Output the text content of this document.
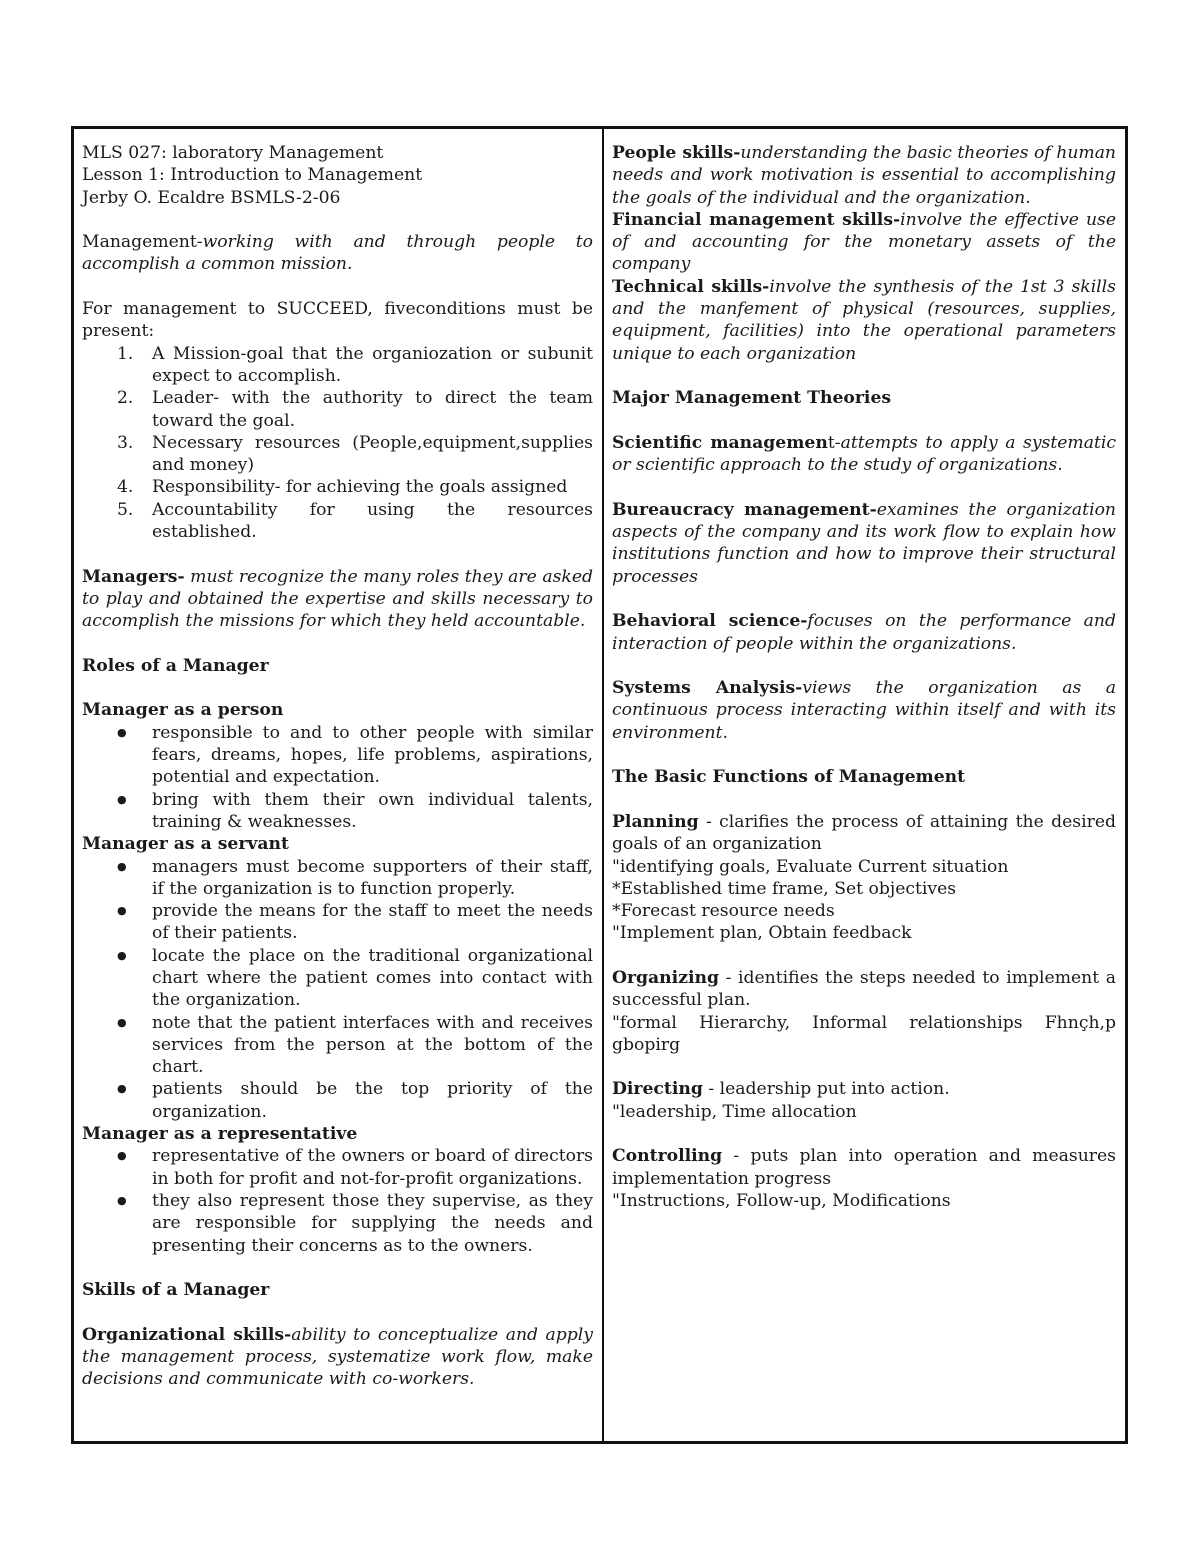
MLS 027: laboratory Management

Lesson 1: Introduction to Management

Jerby O. Ecaldre BSMLS-2-06

Management-working with and through people to accomplish a common mission.

For management to SUCCEED, fiveconditions must be present:

1. A Mission-goal that the organiozation or subunit expect to accomplish.
2. Leader- with the authority to direct the team toward the goal.
3. Necessary resources (People,equipment,supplies and money)
4. Responsibility- for achieving the goals assigned
5. Accountability for using the resources established.

Managers- must recognize the many roles they are asked to play and obtained the expertise and skills necessary to accomplish the missions for which they held accountable.

Roles of a Manager

Manager as a person

● responsible to and to other people with similar fears, dreams, hopes, life problems, aspirations, potential and expectation.
● bring with them their own individual talents, training & weaknesses.

Manager as a servant

● managers must become supporters of their staff, if the organization is to function properly.
● provide the means for the staff to meet the needs of their patients.
● locate the place on the traditional organizational chart where the patient comes into contact with the organization.
● note that the patient interfaces with and receives services from the person at the bottom of the chart.
● patients should be the top priority of the organization.

Manager as a representative

● representative of the owners or board of directors in both for profit and not-for-profit organizations.
● they also represent those they supervise, as they are responsible for supplying the needs and presenting their concerns as to the owners.

Skills of a Manager

Organizational skills-ability to conceptualize and apply the management process, systematize work flow, make decisions and communicate with co-workers.

People skills-understanding the basic theories of human needs and work motivation is essential to accomplishing the goals of the individual and the organization.

Financial management skills-involve the effective use of and accounting for the monetary assets of the company

Technical skills-involve the synthesis of the 1st 3 skills and the manfement of physical (resources, supplies, equipment, facilities) into the operational parameters unique to each organization

Major Management Theories

Scientific management-attempts to apply a systematic or scientific approach to the study of organizations.

Bureaucracy management-examines the organization aspects of the company and its work flow to explain how institutions function and how to improve their structural processes

Behavioral science-focuses on the performance and interaction of people within the organizations.

Systems Analysis-views the organization as a continuous process interacting within itself and with its environment.

The Basic Functions of Management

Planning - clarifies the process of attaining the desired goals of an organization

"identifying goals, Evaluate Current situation

*Established time frame, Set objectives

*Forecast resource needs

"Implement plan, Obtain feedback

Organizing - identifies the steps needed to implement a successful plan.

"formal Hierarchy, Informal relationships Fhnçh,p gbopirg

Directing - leadership put into action.

"leadership, Time allocation

Controlling - puts plan into operation and measures implementation progress

"Instructions, Follow-up, Modifications
